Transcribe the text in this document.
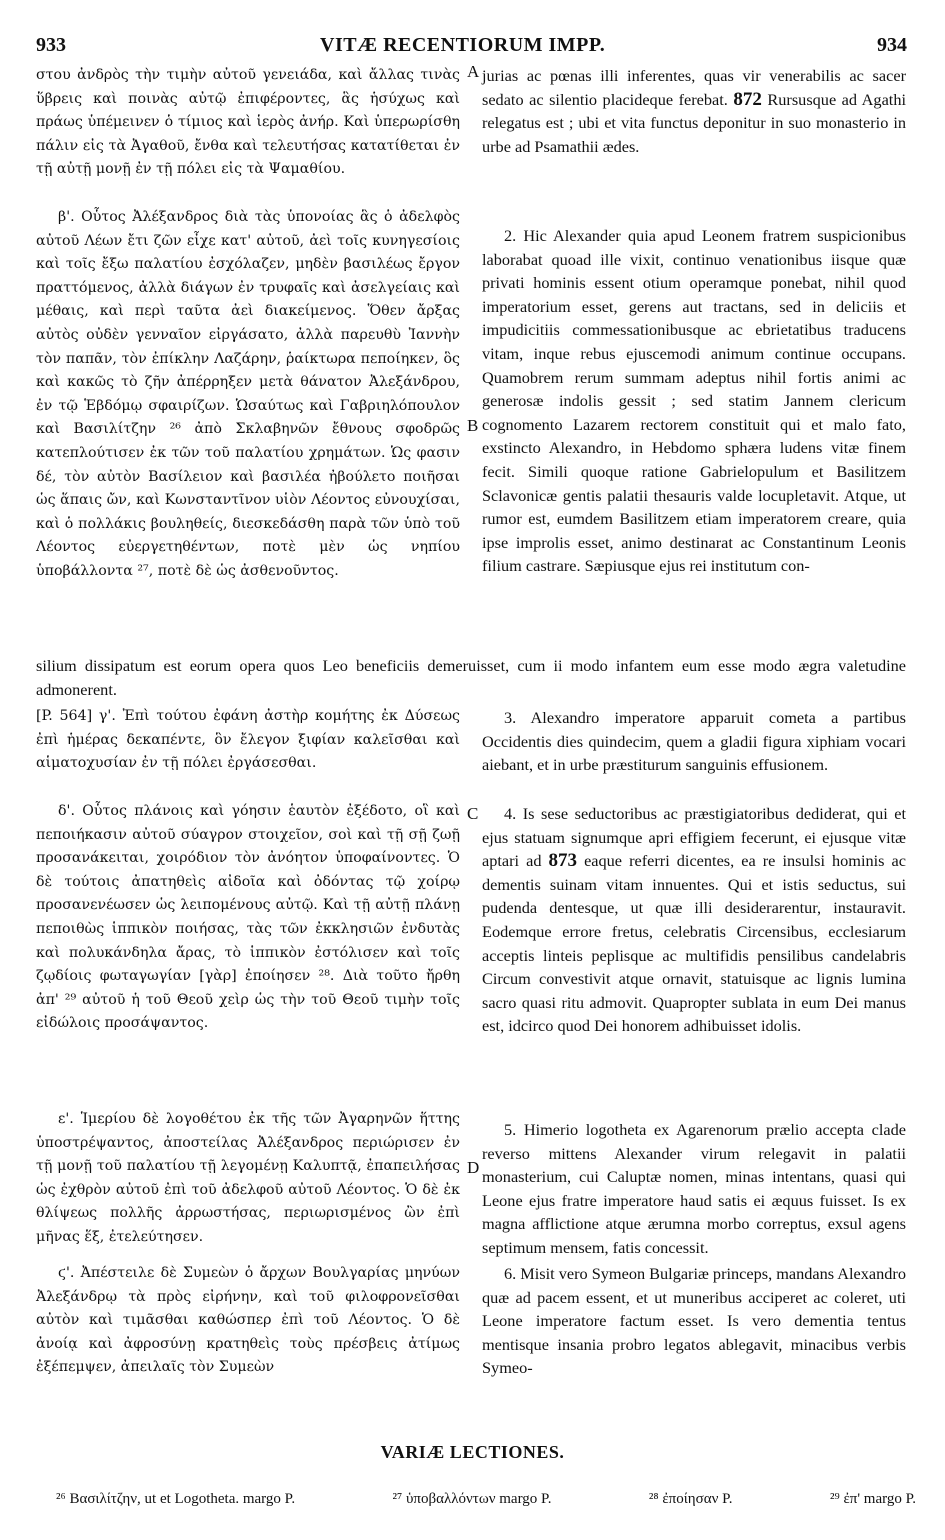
933	VITÆ RECENTIORUM IMPP.	934
A
B
C
D

στου ἀνδρὸς τὴν τιμὴν αὐτοῦ γενειάδα, καὶ ἄλλας τινὰς ὕβρεις καὶ ποινὰς αὐτῷ ἐπιφέροντες, ἃς ἡσύχως καὶ πράως ὑπέμεινεν ὁ τίμιος καὶ ἱερὸς ἀνήρ. Καὶ ὑπερωρίσθη πάλιν εἰς τὰ Ἀγαθοῦ, ἔνθα καὶ τελευτήσας κατατίθεται ἐν τῇ αὐτῇ μονῇ ἐν τῇ πόλει εἰς τὰ Ψαμαθίου.

β'. Οὗτος Ἀλέξανδρος διὰ τὰς ὑπονοίας ἃς ὁ ἀδελφὸς αὐτοῦ Λέων ἔτι ζῶν εἶχε κατ' αὐτοῦ, ἀεὶ τοῖς κυνηγεσίοις καὶ τοῖς ἔξω παλατίου ἐσχόλαζεν, μηδὲν βασιλέως ἔργον πραττόμενος, ἀλλὰ διάγων ἐν τρυφαῖς καὶ ἀσελγείαις καὶ μέθαις, καὶ περὶ ταῦτα ἀεὶ διακείμενος. Ὅθεν ἄρξας αὐτὸς οὐδὲν γενναῖον εἰργάσατο, ἀλλὰ παρευθὺ Ἰαννὴν τὸν παπᾶν, τὸν ἐπίκλην Λαζάρην, ῥαίκτωρα πεποίηκεν, ὃς καὶ κακῶς τὸ ζῆν ἀπέρρηξεν μετὰ θάνατον Ἀλεξάνδρου, ἐν τῷ Ἑβδόμῳ σφαιρίζων. Ὡσαύτως καὶ Γαβριηλόπουλον καὶ Βασιλίτζην ²⁶ ἀπὸ Σκλαβηνῶν ἔθνους σφοδρῶς κατεπλούτισεν ἐκ τῶν τοῦ παλατίου χρημάτων. Ὡς φασιν δέ, τὸν αὐτὸν Βασίλειον καὶ βασιλέα ἠβούλετο ποιῆσαι ὡς ἅπαις ὤν, καὶ Κωνσταντῖνον υἱὸν Λέοντος εὐνουχίσαι, καὶ ὁ πολλάκις βουληθείς, διεσκεδάσθη παρὰ τῶν ὑπὸ τοῦ Λέοντος εὐεργετηθέντων, ποτὲ μὲν ὡς νηπίου ὑποβάλλοντα ²⁷, ποτὲ δὲ ὡς ἀσθενοῦντος.

[P. 564] γ'. Ἐπὶ τούτου ἐφάνη ἀστὴρ κομήτης ἐκ Δύσεως ἐπὶ ἡμέρας δεκαπέντε, ὃν ἔλεγον ξιφίαν καλεῖσθαι καὶ αἱματοχυσίαν ἐν τῇ πόλει ἐργάσεσθαι.

δ'. Οὗτος πλάνοις καὶ γόησιν ἑαυτὸν ἐξέδοτο, οἳ καὶ πεποιήκασιν αὐτοῦ σύαγρον στοιχεῖον, σοὶ καὶ τῇ σῇ ζωῇ προσανάκειται, χοιρόδιον τὸν ἀνόητον ὑποφαίνοντες. Ὁ δὲ τούτοις ἀπατηθεὶς αἰδοῖα καὶ ὀδόντας τῷ χοίρῳ προσανενέωσεν ὡς λειπομένους αὐτῷ. Καὶ τῇ αὐτῇ πλάνῃ πεποιθὼς ἱππικὸν ποιήσας, τὰς τῶν ἐκκλησιῶν ἐνδυτὰς καὶ πολυκάνδηλα ἄρας, τὸ ἱππικὸν ἐστόλισεν καὶ τοῖς ζῳδίοις φωταγωγίαν [γὰρ] ἐποίησεν ²⁸. Διὰ τοῦτο ἤρθη ἀπ' ²⁹ αὐτοῦ ἡ τοῦ Θεοῦ χεὶρ ὡς τὴν τοῦ Θεοῦ τιμὴν τοῖς εἰδώλοις προσάψαντος.

ε'. Ἱμερίου δὲ λογοθέτου ἐκ τῆς τῶν Ἀγαρηνῶν ἥττης ὑποστρέψαντος, ἀποστείλας Ἀλέξανδρος περιώρισεν ἐν τῇ μονῇ τοῦ παλατίου τῇ λεγομένῃ Καλυπτᾷ, ἐπαπειλήσας ὡς ἐχθρὸν αὐτοῦ ἐπὶ τοῦ ἀδελφοῦ αὐτοῦ Λέοντος. Ὁ δὲ ἐκ θλίψεως πολλῆς ἀρρωστήσας, περιωρισμένος ὢν ἐπὶ μῆνας ἕξ, ἐτελεύτησεν.

ϛ'. Ἀπέστειλε δὲ Συμεὼν ὁ ἄρχων Βουλγαρίας μηνύων Ἀλεξάνδρῳ τὰ πρὸς εἰρήνην, καὶ τοῦ φιλοφρονεῖσθαι αὐτὸν καὶ τιμᾶσθαι καθώσπερ ἐπὶ τοῦ Λέοντος. Ὁ δὲ ἀνοίᾳ καὶ ἀφροσύνῃ κρατηθεὶς τοὺς πρέσβεις ἀτίμως ἐξέπεμψεν, ἀπειλαῖς τὸν Συμεὼν

jurias ac pœnas illi inferentes, quas vir venerabilis ac sacer sedato ac silentio placideque ferebat. 872 Rursusque ad Agathi relegatus est ; ubi et vita functus deponitur in suo monasterio in urbe ad Psamathii ædes.

2. Hic Alexander quia apud Leonem fratrem suspicionibus laborabat quoad ille vixit, continuo venationibus iisque quæ privati hominis essent otium operamque ponebat, nihil quod imperatorium esset, gerens aut tractans, sed in deliciis et impudicitiis commessationibusque ac ebrietatibus traducens vitam, inque rebus ejuscemodi animum continue occupans. Quamobrem rerum summam adeptus nihil fortis animi ac generosæ indolis gessit ; sed statim Jannem clericum cognomento Lazarem rectorem constituit qui et malo fato, exstincto Alexandro, in Hebdomo sphæra ludens vitæ finem fecit. Simili quoque ratione Gabrielopulum et Basilitzem Sclavonicæ gentis palatii thesauris valde locupletavit. Atque, ut rumor est, eumdem Basilitzem etiam imperatorem creare, quia ipse improlis esset, animo destinarat ac Constantinum Leonis filium castrare. Sæpiusque ejus rei institutum con-

silium dissipatum est eorum opera quos Leo beneficiis demeruisset, cum ii modo infantem eum esse modo ægra valetudine admonerent.

3. Alexandro imperatore apparuit cometa a partibus Occidentis dies quindecim, quem a gladii figura xiphiam vocari aiebant, et in urbe præstiturum sanguinis effusionem.

4. Is sese seductoribus ac præstigiatoribus dediderat, qui et ejus statuam signumque apri effigiem fecerunt, ei ejusque vitæ aptari ad 873 eaque referri dicentes, ea re insulsi hominis ac dementis suinam vitam innuentes. Qui et istis seductus, sui pudenda dentesque, ut quæ illi desiderarentur, instauravit. Eodemque errore fretus, celebratis Circensibus, ecclesiarum acceptis linteis peplisque ac multifidis pensilibus candelabris Circum convestivit atque ornavit, statuisque ac lignis lumina sacro quasi ritu admovit. Quapropter sublata in eum Dei manus est, idcirco quod Dei honorem adhibuisset idolis.

5. Himerio logotheta ex Agarenorum prælio accepta clade reverso mittens Alexander virum relegavit in palatii monasterium, cui Caluptæ nomen, minas intentans, quasi qui Leone ejus fratre imperatore haud satis ei æquus fuisset. Is ex magna afflictione atque ærumna morbo correptus, exsul agens septimum mensem, fatis concessit.

6. Misit vero Symeon Bulgariæ princeps, mandans Alexandro quæ ad pacem essent, et ut muneribus acciperet ac coleret, uti Leone imperatore factum esset. Is vero dementia tentus mentisque insania probro legatos ablegavit, minacibus verbis Symeo-

VARIÆ LECTIONES.
²⁶ Βασιλίτζην, ut et Logotheta. margo P.	²⁷ ὑποβαλλόντων margo P.	²⁸ ἐποίησαν P.	²⁹ ἐπ' margo P.
